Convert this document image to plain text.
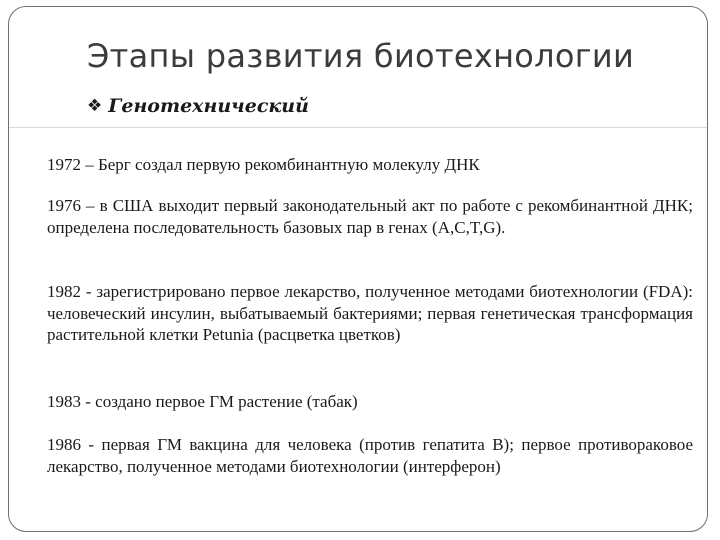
Этапы развития биотехнологии
❖ Генотехнический
1972 – Берг создал первую рекомбинантную молекулу ДНК
1976 – в США выходит первый законодательный акт по работе с рекомбинантной ДНК; определена последовательность базовых пар в генах (A,C,T,G).
1982 - зарегистрировано первое лекарство, полученное методами биотехнологии (FDA): человеческий инсулин, выбатываемый бактериями; первая генетическая трансформация растительной клетки Petunia (расцветка цветков)
1983 - создано первое ГМ растение (табак)
1986 - первая ГМ вакцина для человека (против гепатита В); первое противораковое лекарство, полученное методами биотехнологии (интерферон)
